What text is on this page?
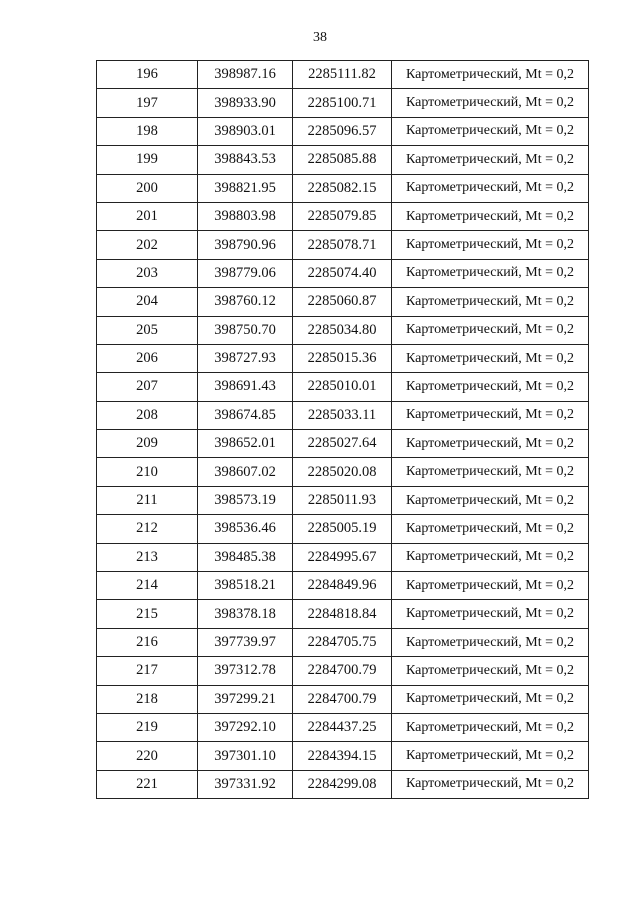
38
196	398987.16	2285111.82	Картометрический, Mt = 0,2
197	398933.90	2285100.71	Картометрический, Mt = 0,2
198	398903.01	2285096.57	Картометрический, Mt = 0,2
199	398843.53	2285085.88	Картометрический, Mt = 0,2
200	398821.95	2285082.15	Картометрический, Mt = 0,2
201	398803.98	2285079.85	Картометрический, Mt = 0,2
202	398790.96	2285078.71	Картометрический, Mt = 0,2
203	398779.06	2285074.40	Картометрический, Mt = 0,2
204	398760.12	2285060.87	Картометрический, Mt = 0,2
205	398750.70	2285034.80	Картометрический, Mt = 0,2
206	398727.93	2285015.36	Картометрический, Mt = 0,2
207	398691.43	2285010.01	Картометрический, Mt = 0,2
208	398674.85	2285033.11	Картометрический, Mt = 0,2
209	398652.01	2285027.64	Картометрический, Mt = 0,2
210	398607.02	2285020.08	Картометрический, Mt = 0,2
211	398573.19	2285011.93	Картометрический, Mt = 0,2
212	398536.46	2285005.19	Картометрический, Mt = 0,2
213	398485.38	2284995.67	Картометрический, Mt = 0,2
214	398518.21	2284849.96	Картометрический, Mt = 0,2
215	398378.18	2284818.84	Картометрический, Mt = 0,2
216	397739.97	2284705.75	Картометрический, Mt = 0,2
217	397312.78	2284700.79	Картометрический, Mt = 0,2
218	397299.21	2284700.79	Картометрический, Mt = 0,2
219	397292.10	2284437.25	Картометрический, Mt = 0,2
220	397301.10	2284394.15	Картометрический, Mt = 0,2
221	397331.92	2284299.08	Картометрический, Mt = 0,2
